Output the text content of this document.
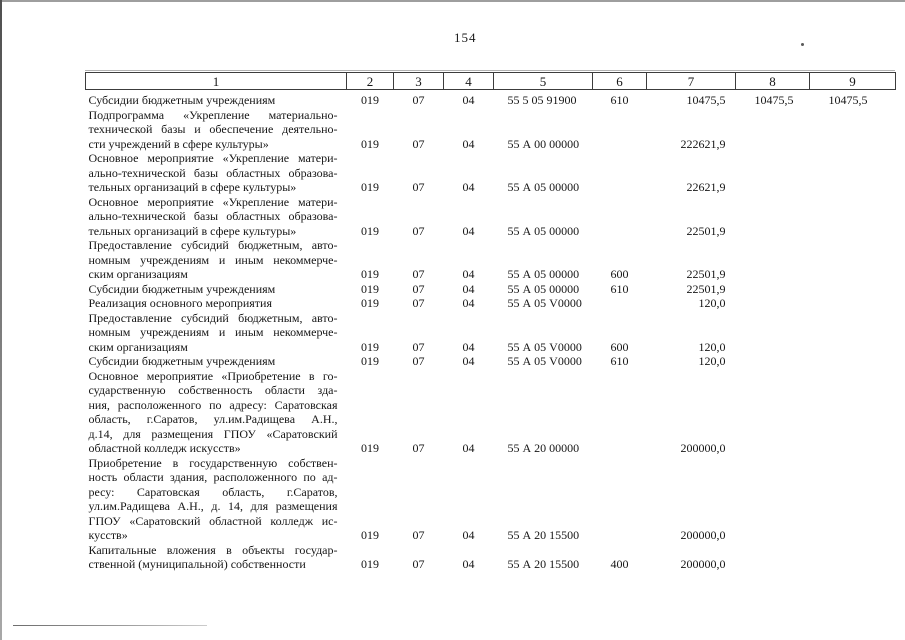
154
1	2	3	4	5	6	7	8	9

Субсидии бюджетным учреждениям	019	07	04	55 5 05 91900	610	10475,5	10475,5	10475,5

Подпрограмма «Укрепление материально-
технической базы и обеспечение деятельно-
сти учреждений в сфере культуры»	019	07	04	55 А 00 00000		222621,9		

Основное мероприятие «Укрепление матери-
ально-технической базы областных образова-
тельных организаций в сфере культуры»	019	07	04	55 А 05 00000		22621,9		

Основное мероприятие «Укрепление матери-
ально-технической базы областных образова-
тельных организаций в сфере культуры»	019	07	04	55 А 05 00000		22501,9		

Предоставление субсидий бюджетным, авто-
номным учреждениям и иным некоммерче-
ским организациям	019	07	04	55 А 05 00000	600	22501,9		

Субсидии бюджетным учреждениям	019	07	04	55 А 05 00000	610	22501,9		

Реализация основного мероприятия	019	07	04	55 А 05 V0000		120,0		

Предоставление субсидий бюджетным, авто-
номным учреждениям и иным некоммерче-
ским организациям	019	07	04	55 А 05 V0000	600	120,0		

Субсидии бюджетным учреждениям	019	07	04	55 А 05 V0000	610	120,0		

Основное мероприятие «Приобретение в го-
сударственную собственность области зда-
ния, расположенного по адресу: Саратовская
область, г.Саратов, ул.им.Радищева А.Н.,
д.14, для размещения ГПОУ «Саратовский
областной колледж искусств»	019	07	04	55 А 20 00000		200000,0		

Приобретение в государственную собствен-
ность области здания, расположенного по ад-
ресу: Саратовская область, г.Саратов,
ул.им.Радищева А.Н., д. 14, для размещения
ГПОУ «Саратовский областной колледж ис-
кусств»	019	07	04	55 А 20 15500		200000,0		

Капитальные вложения в объекты государ-
ственной (муниципальной) собственности	019	07	04	55 А 20 15500	400	200000,0		
